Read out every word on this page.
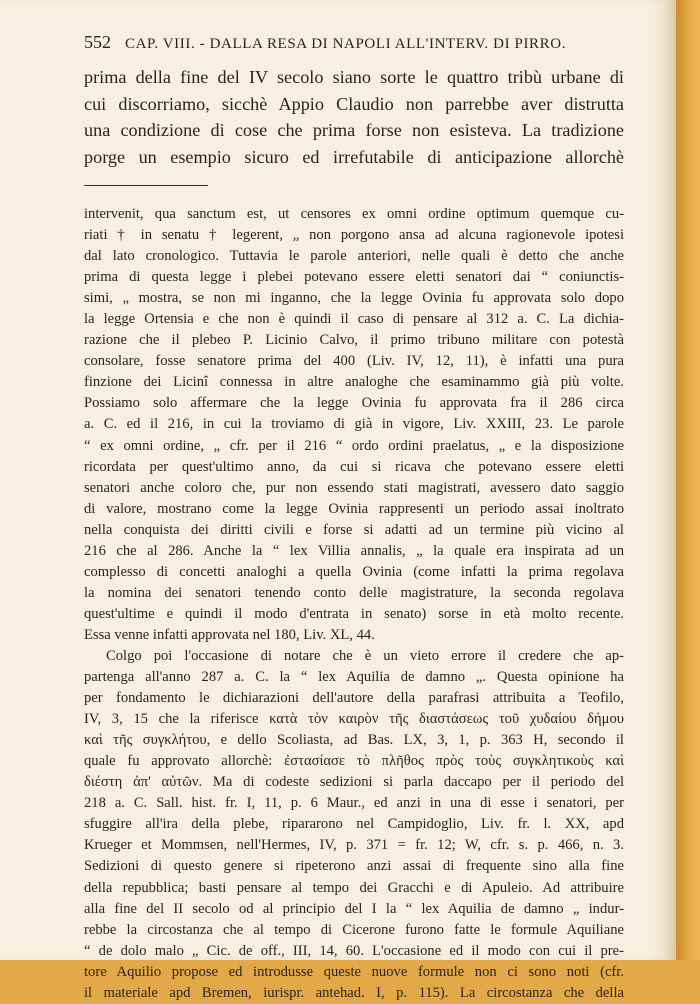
552 CAP. VIII. - DALLA RESA DI NAPOLI ALL'INTERV. DI PIRRO.
prima della fine del IV secolo siano sorte le quattro tribù urbane di
cui discorriamo, sicchè Appio Claudio non parrebbe aver distrutta
una condizione di cose che prima forse non esisteva. La tradizione
porge un esempio sicuro ed irrefutabile di anticipazione allorchè
intervenit, qua sanctum est, ut censores ex omni ordine optimum quemque cu-
riati † in senatu † legerent, „ non porgono ansa ad alcuna ragionevole ipotesi
dal lato cronologico. Tuttavia le parole anteriori, nelle quali è detto che anche
prima di questa legge i plebei potevano essere eletti senatori dai “ coniunctis-
simi, „ mostra, se non mi inganno, che la legge Ovinia fu approvata solo dopo
la legge Ortensia e che non è quindi il caso di pensare al 312 a. C. La dichia-
razione che il plebeo P. Licinio Calvo, il primo tribuno militare con potestà
consolare, fosse senatore prima del 400 (Liv. IV, 12, 11), è infatti una pura
finzione dei Licinî connessa in altre analoghe che esaminammo già più volte.
Possiamo solo affermare che la legge Ovinia fu approvata fra il 286 circa
a. C. ed il 216, in cui la troviamo di già in vigore, Liv. XXIII, 23. Le parole
“ ex omni ordine, „ cfr. per il 216 “ ordo ordini praelatus, „ e la disposizione
ricordata per quest'ultimo anno, da cui si ricava che potevano essere eletti
senatori anche coloro che, pur non essendo stati magistrati, avessero dato saggio
di valore, mostrano come la legge Ovinia rappresenti un periodo assai inoltrato
nella conquista dei diritti civili e forse si adatti ad un termine più vicino al
216 che al 286. Anche la “ lex Villia annalis, „ la quale era inspirata ad un
complesso di concetti analoghi a quella Ovinia (come infatti la prima regolava
la nomina dei senatori tenendo conto delle magistrature, la seconda regolava
quest'ultime e quindi il modo d'entrata in senato) sorse in età molto recente.
Essa venne infatti approvata nel 180, Liv. XL, 44.
Colgo poi l'occasione di notare che è un vieto errore il credere che ap-
partenga all'anno 287 a. C. la “ lex Aquilia de damno „. Questa opinione ha
per fondamento le dichiarazioni dell'autore della parafrasi attribuita a Teofilo,
IV, 3, 15 che la riferisce κατὰ τὸν καιρὸν τῆς διαστάσεως τοῦ χυδαίου δήμου
καὶ τῆς συγκλήτου, e dello Scoliasta, ad Bas. LX, 3, 1, p. 363 H, secondo il
quale fu approvato allorchè: ἐστασίασε τὸ πλῆθος πρὸς τοὺς συγκλητικοὺς καὶ
διέστη ἀπ' αὐτῶν. Ma di codeste sedizioni si parla daccapo per il periodo del
218 a. C. Sall. hist. fr. I, 11, p. 6 Maur., ed anzi in una di esse i senatori, per
sfuggire all'ira della plebe, ripararono nel Campidoglio, Liv. fr. l. XX, apd
Krueger et Mommsen, nell'Hermes, IV, p. 371 = fr. 12; W, cfr. s. p. 466, n. 3.
Sedizioni di questo genere si ripeterono anzi assai di frequente sino alla fine
della repubblica; basti pensare al tempo dei Gracchi e di Apuleio. Ad attribuire
alla fine del II secolo od al principio del I la “ lex Aquilia de damno „ indur-
rebbe la circostanza che al tempo di Cicerone furono fatte le formule Aquiliane
“ de dolo malo „ Cic. de off., III, 14, 60. L'occasione ed il modo con cui il pre-
tore Aquilio propose ed introdusse queste nuove formule non ci sono noti (cfr.
il materiale apd Bremen, iurispr. antehad. I, p. 115). La circostanza che della
